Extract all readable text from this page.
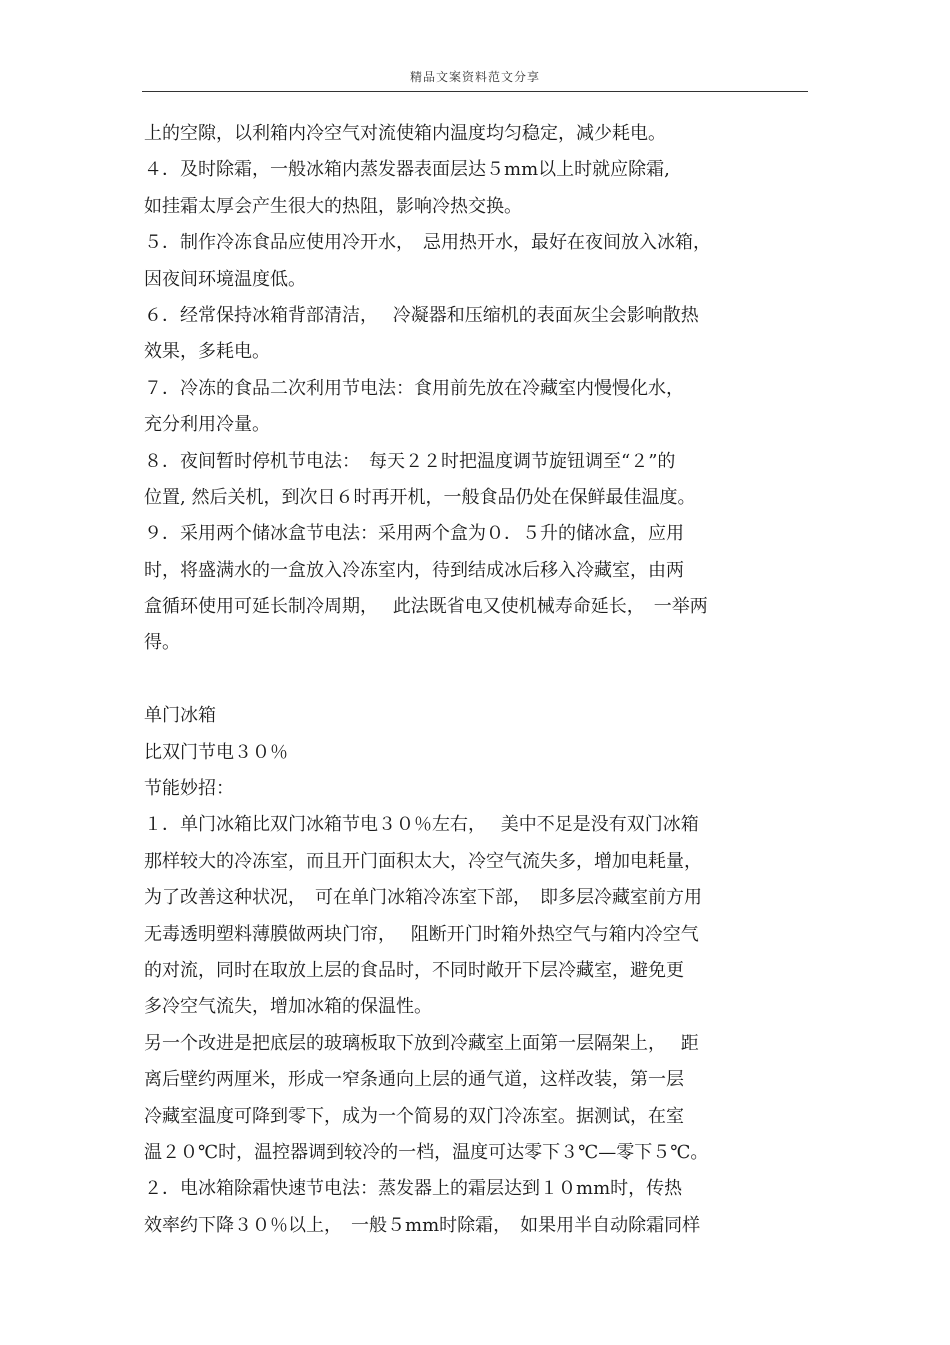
精品文案资料范文分享
上的空隙，以利箱内冷空气对流使箱内温度均匀稳定，减少耗电。
４．及时除霜，一般冰箱内蒸发器表面层达５mm以上时就应除霜,
如挂霜太厚会产生很大的热阻，影响冷热交换。
５．制作冷冻食品应使用冷开水，　忌用热开水，最好在夜间放入冰箱，
因夜间环境温度低。
６．经常保持冰箱背部清洁，　 冷凝器和压缩机的表面灰尘会影响散热
效果，多耗电。
７．冷冻的食品二次利用节电法：食用前先放在冷藏室内慢慢化水，
充分利用冷量。
８．夜间暂时停机节电法：　每天２２时把温度调节旋钮调至“２”的
位置, 然后关机，到次日６时再开机，一般食品仍处在保鲜最佳温度。
９．采用两个储冰盒节电法：采用两个盒为０．５升的储冰盒，应用
时，将盛满水的一盒放入冷冻室内，待到结成冰后移入冷藏室，由两
盒循环使用可延长制冷周期，　 此法既省电又使机械寿命延长，　一举两
得。
单门冰箱
比双门节电３０％
节能妙招：
１．单门冰箱比双门冰箱节电３０％左右，　 美中不足是没有双门冰箱
那样较大的冷冻室，而且开门面积太大，冷空气流失多，增加电耗量，
为了改善这种状况，　可在单门冰箱冷冻室下部，　即多层冷藏室前方用
无毒透明塑料薄膜做两块门帘，　 阻断开门时箱外热空气与箱内冷空气
的对流，同时在取放上层的食品时，不同时敞开下层冷藏室，避免更
多冷空气流失，增加冰箱的保温性。
另一个改进是把底层的玻璃板取下放到冷藏室上面第一层隔架上，　 距
离后壁约两厘米，形成一窄条通向上层的通气道，这样改装，第一层
冷藏室温度可降到零下，成为一个简易的双门冷冻室。据测试，在室
温２０℃时，温控器调到较冷的一档，温度可达零下３℃—零下５℃。
２．电冰箱除霜快速节电法：蒸发器上的霜层达到１０mm时，传热
效率约下降３０％以上，　一般５mm时除霜，　如果用半自动除霜同样
